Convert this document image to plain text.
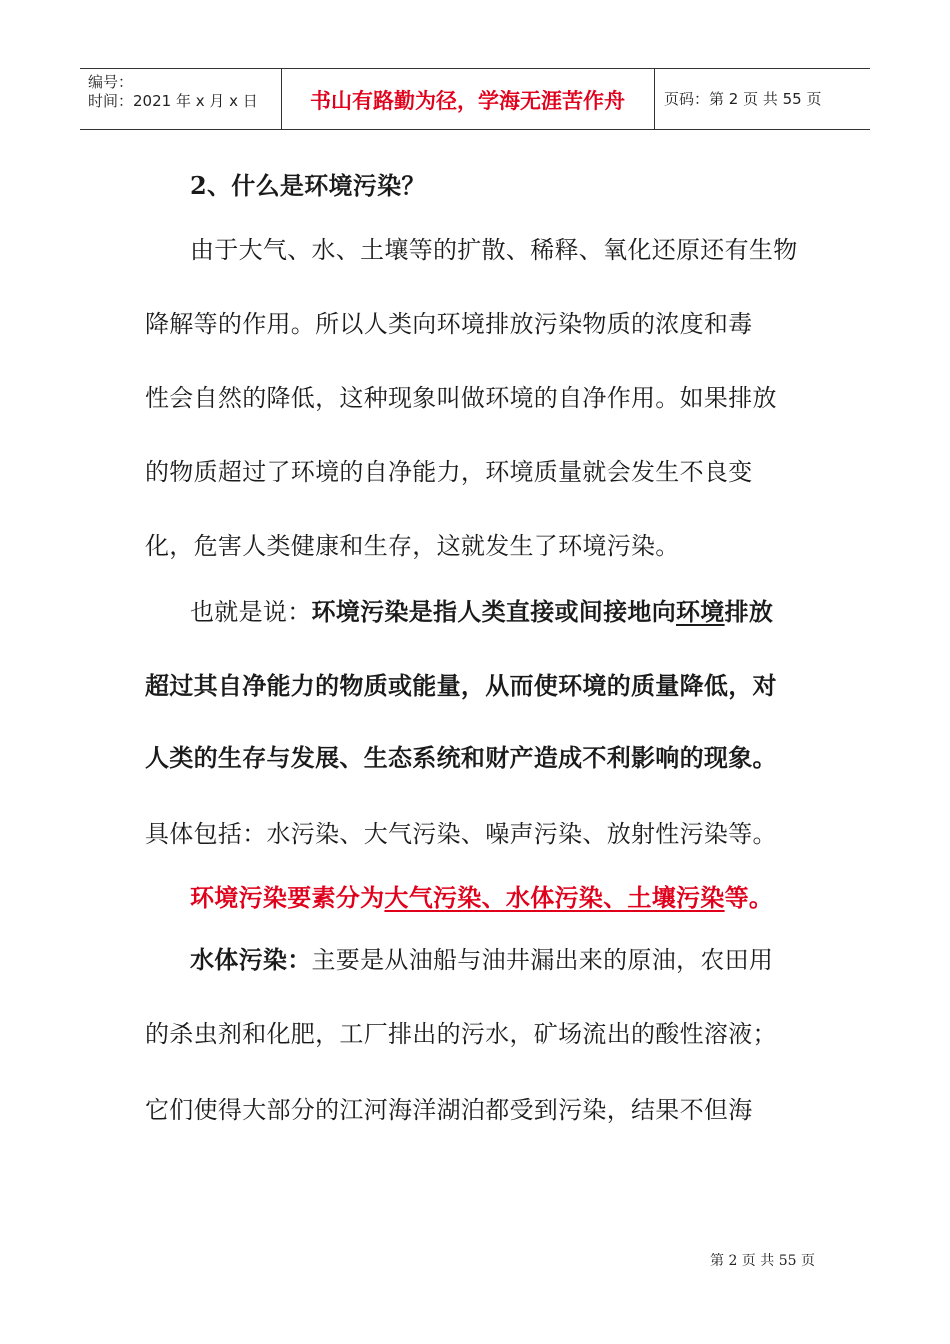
编号：
时间：2021 年 x 月 x 日	书山有路勤为径，学海无涯苦作舟	页码：第 2 页 共 55 页
2、什么是环境污染？
由于大气、水、土壤等的扩散、稀释、氧化还原还有生物
降解等的作用。所以人类向环境排放污染物质的浓度和毒
性会自然的降低，这种现象叫做环境的自净作用。如果排放
的物质超过了环境的自净能力，环境质量就会发生不良变
化，危害人类健康和生存，这就发生了环境污染。
也就是说：环境污染是指人类直接或间接地向环境排放
超过其自净能力的物质或能量，从而使环境的质量降低，对
人类的生存与发展、生态系统和财产造成不利影响的现象。
具体包括：水污染、大气污染、噪声污染、放射性污染等。
环境污染要素分为大气污染、水体污染、土壤污染等。
水体污染：主要是从油船与油井漏出来的原油，农田用
的杀虫剂和化肥，工厂排出的污水，矿场流出的酸性溶液；
它们使得大部分的江河海洋湖泊都受到污染，结果不但海
第 2 页 共 55 页
